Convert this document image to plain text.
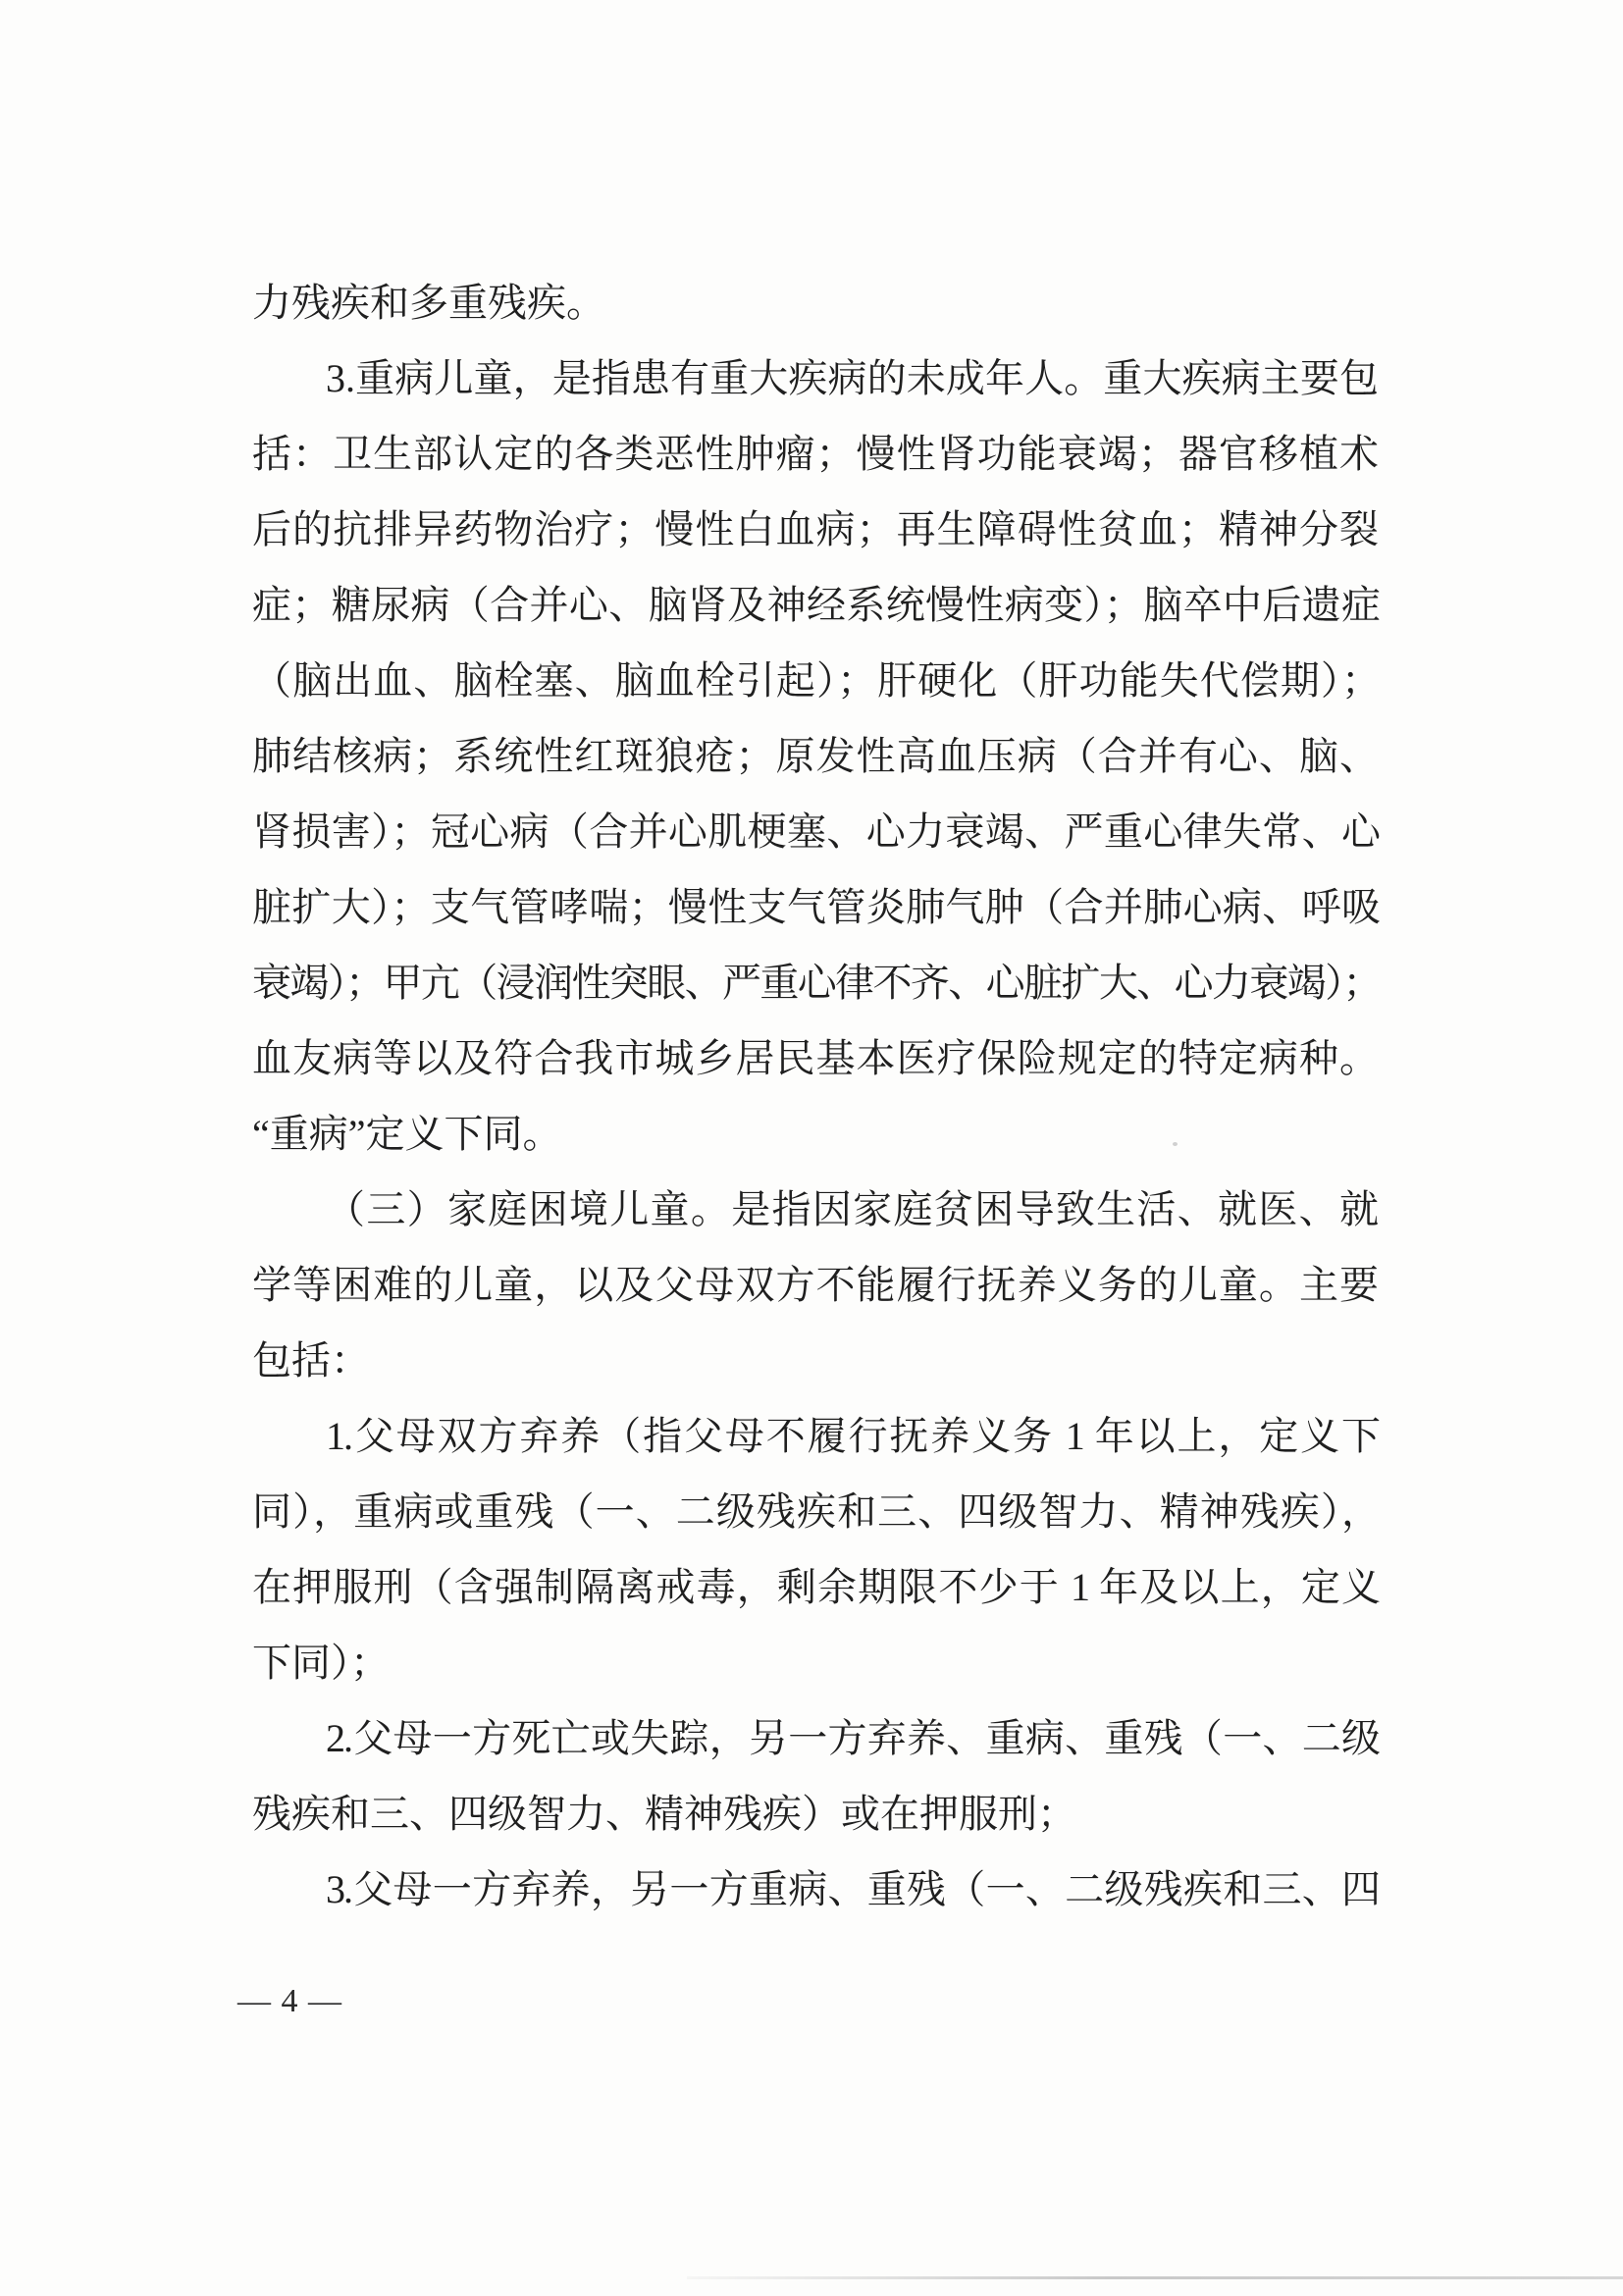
力残疾和多重残疾。

3.重病儿童，是指患有重大疾病的未成年人。重大疾病主要包
括：卫生部认定的各类恶性肿瘤；慢性肾功能衰竭；器官移植术
后的抗排异药物治疗；慢性白血病；再生障碍性贫血；精神分裂
症；糖尿病（合并心、脑肾及神经系统慢性病变）；脑卒中后遗症
（脑出血、脑栓塞、脑血栓引起）；肝硬化（肝功能失代偿期）；
肺结核病；系统性红斑狼疮；原发性高血压病（合并有心、脑、
肾损害）；冠心病（合并心肌梗塞、心力衰竭、严重心律失常、心
脏扩大）；支气管哮喘；慢性支气管炎肺气肿（合并肺心病、呼吸
衰竭）；甲亢（浸润性突眼、严重心律不齐、心脏扩大、心力衰竭）；
血友病等以及符合我市城乡居民基本医疗保险规定的特定病种。
“重病”定义下同。

（三）家庭困境儿童。是指因家庭贫困导致生活、就医、就
学等困难的儿童，以及父母双方不能履行抚养义务的儿童。主要
包括：

1.父母双方弃养（指父母不履行抚养义务 1 年以上，定义下
同），重病或重残（一、二级残疾和三、四级智力、精神残疾），
在押服刑（含强制隔离戒毒，剩余期限不少于 1 年及以上，定义
下同）；

2.父母一方死亡或失踪，另一方弃养、重病、重残（一、二级
残疾和三、四级智力、精神残疾）或在押服刑；

3.父母一方弃养，另一方重病、重残（一、二级残疾和三、四

— 4 —
